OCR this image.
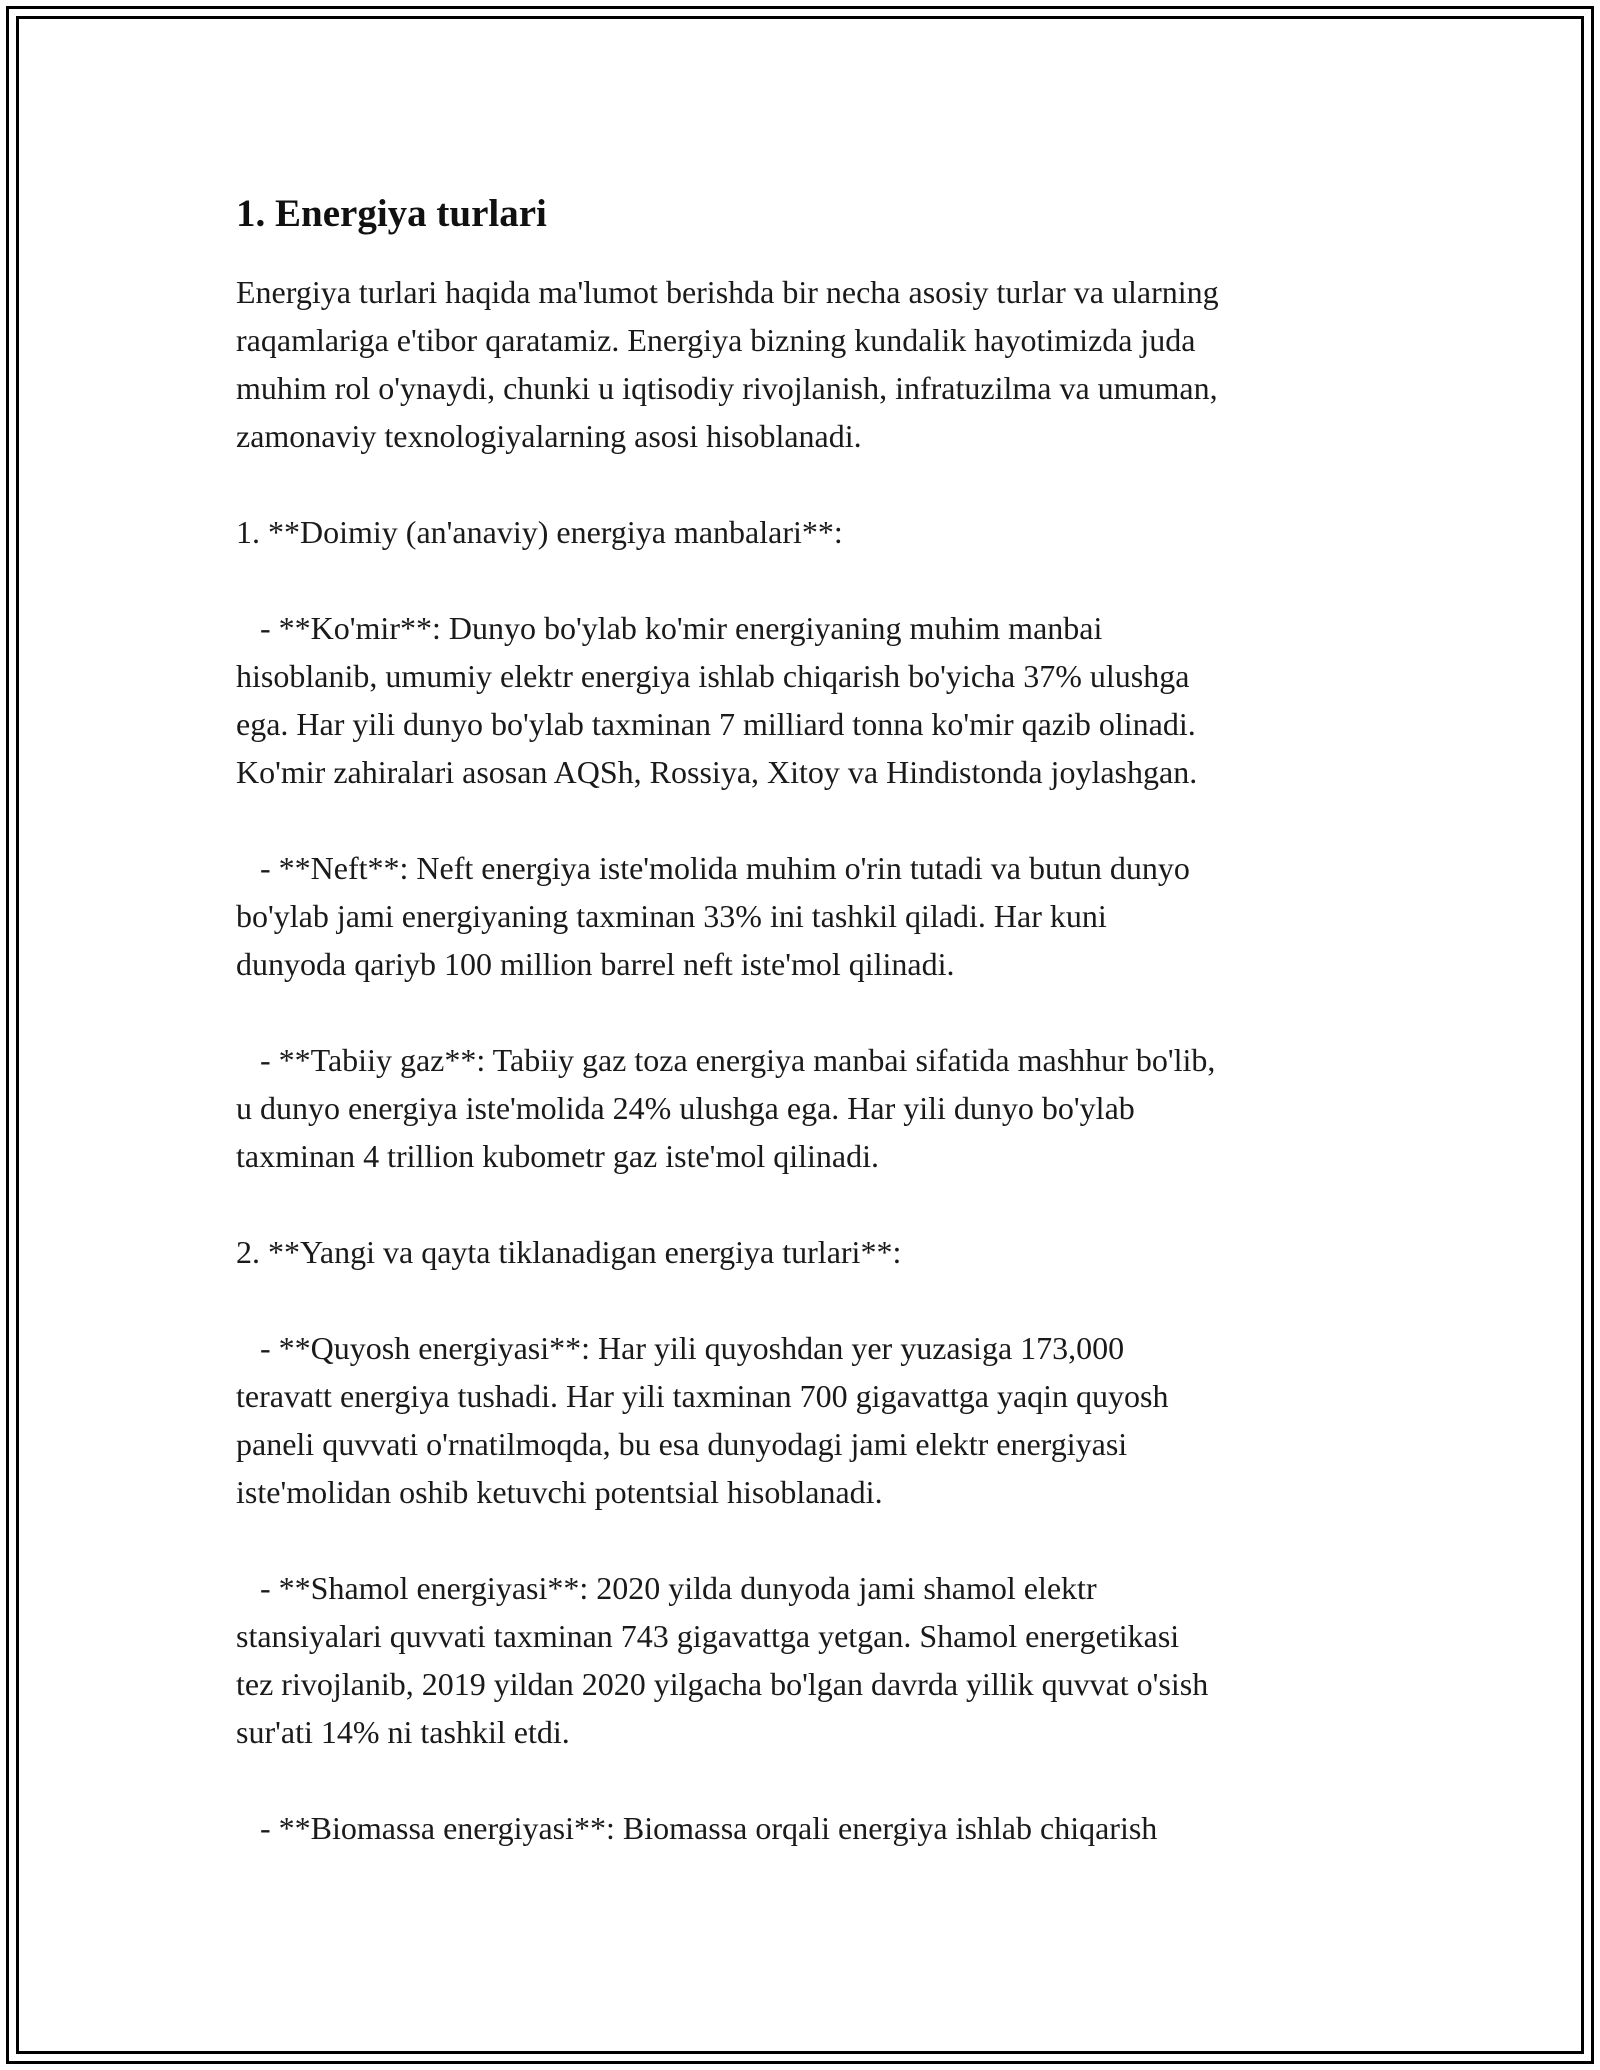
1. Energiya turlari

Energiya turlari haqida ma'lumot berishda bir necha asosiy turlar va ularning
raqamlariga e'tibor qaratamiz. Energiya bizning kundalik hayotimizda juda
muhim rol o'ynaydi, chunki u iqtisodiy rivojlanish, infratuzilma va umuman,
zamonaviy texnologiyalarning asosi hisoblanadi.

1. **Doimiy (an'anaviy) energiya manbalari**:

- **Ko'mir**: Dunyo bo'ylab ko'mir energiyaning muhim manbai
hisoblanib, umumiy elektr energiya ishlab chiqarish bo'yicha 37% ulushga
ega. Har yili dunyo bo'ylab taxminan 7 milliard tonna ko'mir qazib olinadi.
Ko'mir zahiralari asosan AQSh, Rossiya, Xitoy va Hindistonda joylashgan.

- **Neft**: Neft energiya iste'molida muhim o'rin tutadi va butun dunyo
bo'ylab jami energiyaning taxminan 33% ini tashkil qiladi. Har kuni
dunyoda qariyb 100 million barrel neft iste'mol qilinadi.

- **Tabiiy gaz**: Tabiiy gaz toza energiya manbai sifatida mashhur bo'lib,
u dunyo energiya iste'molida 24% ulushga ega. Har yili dunyo bo'ylab
taxminan 4 trillion kubometr gaz iste'mol qilinadi.

2. **Yangi va qayta tiklanadigan energiya turlari**:

- **Quyosh energiyasi**: Har yili quyoshdan yer yuzasiga 173,000
teravatt energiya tushadi. Har yili taxminan 700 gigavattga yaqin quyosh
paneli quvvati o'rnatilmoqda, bu esa dunyodagi jami elektr energiyasi
iste'molidan oshib ketuvchi potentsial hisoblanadi.

- **Shamol energiyasi**: 2020 yilda dunyoda jami shamol elektr
stansiyalari quvvati taxminan 743 gigavattga yetgan. Shamol energetikasi
tez rivojlanib, 2019 yildan 2020 yilgacha bo'lgan davrda yillik quvvat o'sish
sur'ati 14% ni tashkil etdi.

- **Biomassa energiyasi**: Biomassa orqali energiya ishlab chiqarish
